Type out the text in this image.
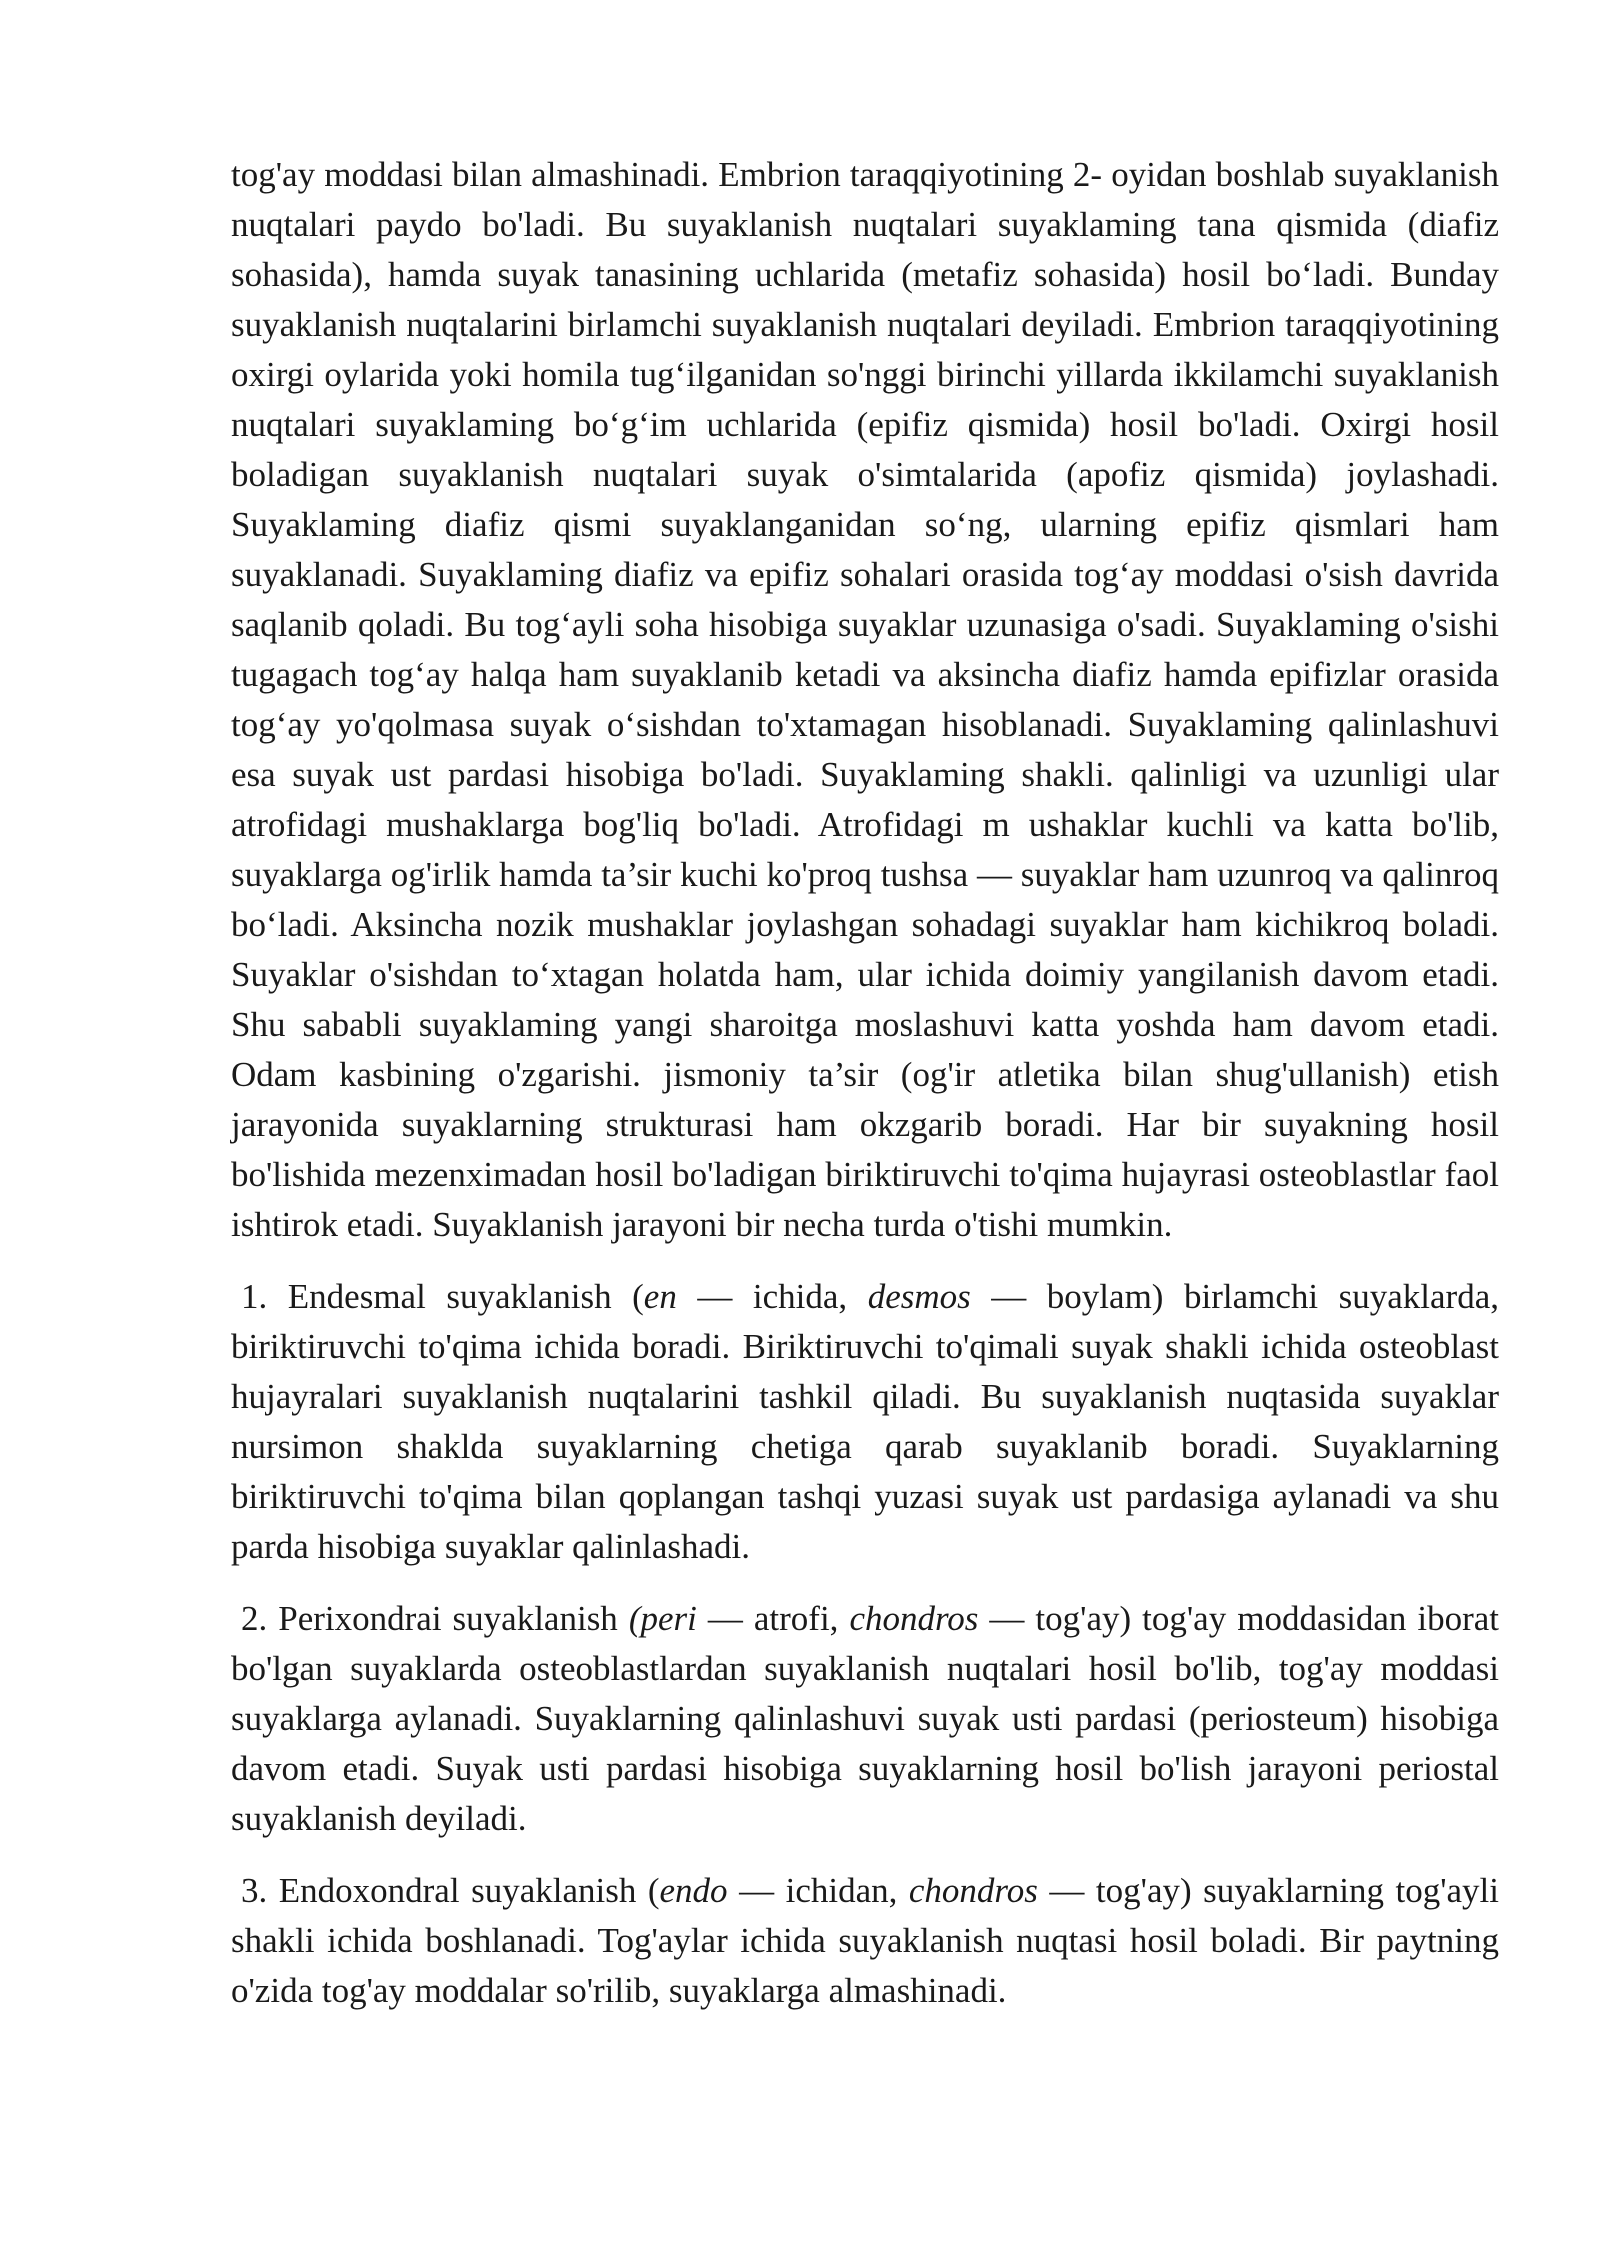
tog'ay moddasi bilan almashinadi. Embrion taraqqiyotining 2- oyidan boshlab suyaklanish nuqtalari paydo bo'ladi. Bu suyaklanish nuqtalari suyaklaming tana qismida (diafiz sohasida), hamda suyak tanasining uchlarida (metafiz sohasida) hosil bo‘ladi. Bunday suyaklanish nuqtalarini birlamchi suyaklanish nuqtalari deyiladi. Embrion taraqqiyotining oxirgi oylarida yoki homila tug‘ilganidan so'nggi birinchi yillarda ikkilamchi suyaklanish nuqtalari suyaklaming bo‘g‘im uchlarida (epifiz qismida) hosil bo'ladi. Oxirgi hosil boladigan suyaklanish nuqtalari suyak o'simtalarida (apofiz qismida) joylashadi. Suyaklaming diafiz qismi suyaklanganidan so‘ng, ularning epifiz qismlari ham suyaklanadi. Suyaklaming diafiz va epifiz sohalari orasida tog‘ay moddasi o'sish davrida saqlanib qoladi. Bu tog‘ayli soha hisobiga suyaklar uzunasiga o'sadi. Suyaklaming o'sishi tugagach tog‘ay halqa ham suyaklanib ketadi va aksincha diafiz hamda epifizlar orasida tog‘ay yo'qolmasa suyak o‘sishdan to'xtamagan hisoblanadi. Suyaklaming qalinlashuvi esa suyak ust pardasi hisobiga bo'ladi. Suyaklaming shakli. qalinligi va uzunligi ular atrofidagi mushaklarga bog'liq bo'ladi. Atrofidagi m ushaklar kuchli va katta bo'lib, suyaklarga og'irlik hamda ta’sir kuchi ko'proq tushsa — suyaklar ham uzunroq va qalinroq bo‘ladi. Aksincha nozik mushaklar joylashgan sohadagi suyaklar ham kichikroq boladi. Suyaklar o'sishdan to‘xtagan holatda ham, ular ichida doimiy yangilanish davom etadi. Shu sababli suyaklaming yangi sharoitga moslashuvi katta yoshda ham davom etadi. Odam kasbining o'zgarishi. jismoniy ta’sir (og'ir atletika bilan shug'ullanish) etish jarayonida suyaklarning strukturasi ham okzgarib boradi. Har bir suyakning hosil bo'lishida mezenximadan hosil bo'ladigan biriktiruvchi to'qima hujayrasi osteoblastlar faol ishtirok etadi. Suyaklanish jarayoni bir necha turda o'tishi mumkin.

1. Endesmal suyaklanish (en — ichida, desmos — boylam) birlamchi suyaklarda, biriktiruvchi to'qima ichida boradi. Biriktiruvchi to'qimali suyak shakli ichida osteoblast hujayralari suyaklanish nuqtalarini tashkil qiladi. Bu suyaklanish nuqtasida suyaklar nursimon shaklda suyaklarning chetiga qarab suyaklanib boradi. Suyaklarning biriktiruvchi to'qima bilan qoplangan tashqi yuzasi suyak ust pardasiga aylanadi va shu parda hisobiga suyaklar qalinlashadi.

2. Perixondrai suyaklanish (peri — atrofi, chondros — tog'ay) tog'ay moddasidan iborat bo'lgan suyaklarda osteoblastlardan suyaklanish nuqtalari hosil bo'lib, tog'ay moddasi suyaklarga aylanadi. Suyaklarning qalinlashuvi suyak usti pardasi (periosteum) hisobiga davom etadi. Suyak usti pardasi hisobiga suyaklarning hosil bo'lish jarayoni periostal suyaklanish deyiladi.

3. Endoxondral suyaklanish (endo — ichidan, chondros — tog'ay) suyaklarning tog'ayli shakli ichida boshlanadi. Tog'aylar ichida suyaklanish nuqtasi hosil boladi. Bir paytning o'zida tog'ay moddalar so'rilib, suyaklarga almashinadi.
